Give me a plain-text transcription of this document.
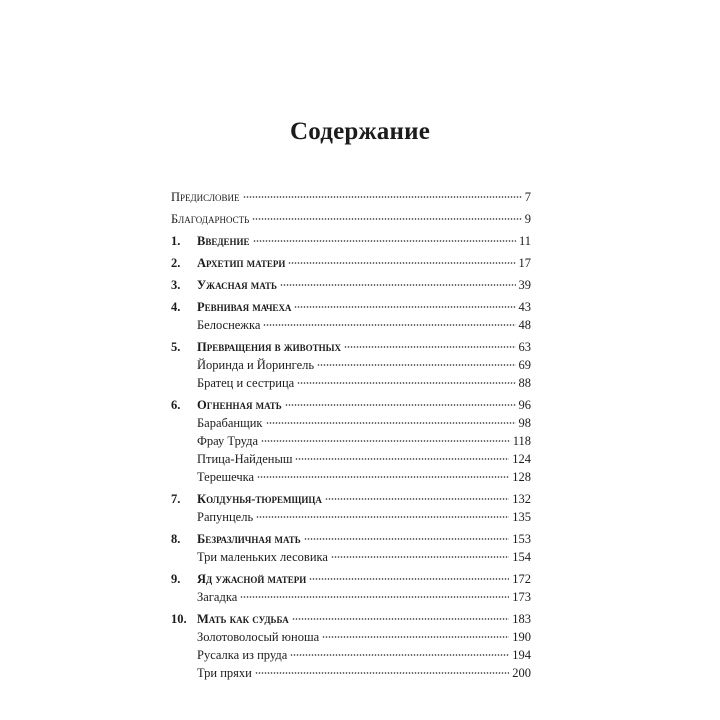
Содержание
Предисловие	7
Благодарность	9
1.	Введение	11
2.	Архетип матери	17
3.	Ужасная мать	39
4.	Ревнивая мачеха	43
Белоснежка	48
5.	Превращения в животных	63
Йоринда и Йорингель	69
Братец и сестрица	88
6.	Огненная мать	96
Барабанщик	98
Фрау Труда	118
Птица-Найденыш	124
Терешечка	128
7.	Колдунья-тюремщица	132
Рапунцель	135
8.	Безразличная мать	153
Три маленьких лесовика	154
9.	Яд ужасной матери	172
Загадка	173
10. Мать как судьба	183
Золотоволосый юноша	190
Русалка из пруда	194
Три пряхи	200
